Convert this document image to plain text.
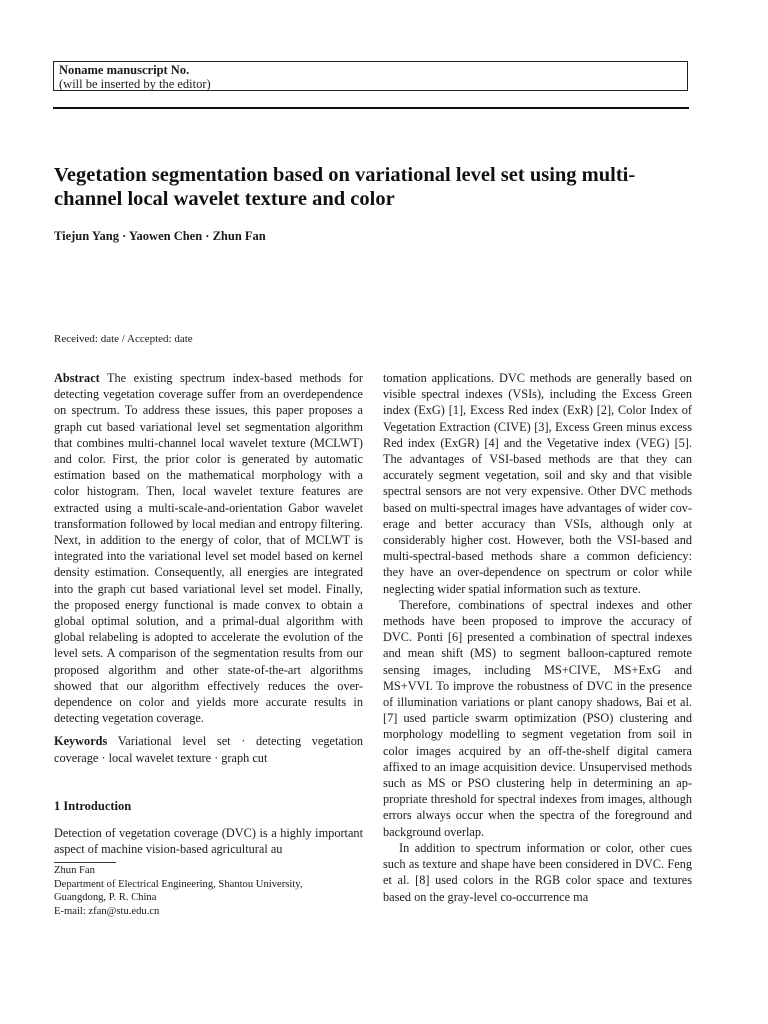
Noname manuscript No.
(will be inserted by the editor)
Vegetation segmentation based on variational level set using multi-channel local wavelet texture and color
Tiejun Yang · Yaowen Chen · Zhun Fan
Received: date / Accepted: date

Abstract The existing spectrum index-based methods for detecting vegetation coverage suffer from an overdependence on spectrum. To address these issues, this paper proposes a graph cut based variational level set segmentation algorithm that combines multi-channel local wavelet texture (MCLWT) and color. First, the prior color is generated by automatic estimation based on the mathematical morphology with a color histogram. Then, local wavelet texture features are extracted using a multi-scale-and-orientation Gabor wavelet transformation followed by local median and entropy filtering. Next, in addition to the energy of color, that of MCLWT is integrated into the variational level set model based on kernel density estimation. Consequently, all energies are integrated into the graph cut based variational level set model. Finally, the proposed energy functional is made convex to obtain a global optimal solution, and a primal-dual algorithm with global relabeling is adopted to accelerate the evolution of the level sets. A comparison of the segmentation results from our proposed algorithm and other state-of-the-art algorithms showed that our algorithm effectively reduces the over-dependence on color and yields more accurate results in detecting vegetation coverage.

Keywords Variational level set · detecting vegetation coverage · local wavelet texture · graph cut

1 Introduction

Detection of vegetation coverage (DVC) is a highly important aspect of machine vision-based agricultural au

Zhun Fan
Department of Electrical Engineering, Shantou University,
Guangdong, P. R. China
E-mail: zfan@stu.edu.cn

tomation applications. DVC methods are generally based on visible spectral indexes (VSIs), including the Excess Green index (ExG) [1], Excess Red index (ExR) [2], Color Index of Vegetation Extraction (CIVE) [3], Excess Green minus excess Red index (ExGR) [4] and the Vegetative index (VEG) [5]. The advantages of VSI-based methods are that they can accurately segment vegetation, soil and sky and that visible spectral sensors are not very expensive. Other DVC methods based on multi-spectral images have advantages of wider coverage and better accuracy than VSIs, although only at considerably higher cost. However, both the VSI-based and multi-spectral-based methods share a common deficiency: they have an over-dependence on spectrum or color while neglecting wider spatial information such as texture.

Therefore, combinations of spectral indexes and other methods have been proposed to improve the accuracy of DVC. Ponti [6] presented a combination of spectral indexes and mean shift (MS) to segment balloon-captured remote sensing images, including MS+CIVE, MS+ExG and MS+VVI. To improve the robustness of DVC in the presence of illumination variations or plant canopy shadows, Bai et al. [7] used particle swarm optimization (PSO) clustering and morphology modelling to segment vegetation from soil in color images acquired by an off-the-shelf digital camera affixed to an image acquisition device. Unsupervised methods such as MS or PSO clustering help in determining an appropriate threshold for spectral indexes from images, although errors always occur when the spectra of the foreground and background overlap.

In addition to spectrum information or color, other cues such as texture and shape have been considered in DVC. Feng et al. [8] used colors in the RGB color space and textures based on the gray-level co-occurrence ma
